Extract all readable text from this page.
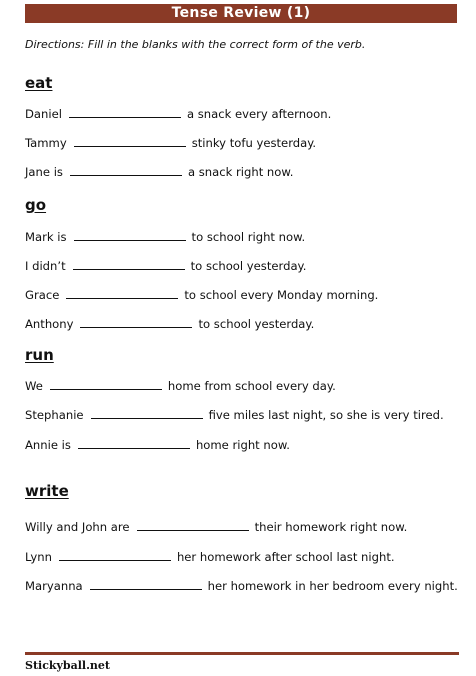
Tense Review (1)
Directions: Fill in the blanks with the correct form of the verb.
eat
Daniel	a snack every afternoon.
Tammy	stinky tofu yesterday.
Jane is	a snack right now.
go
Mark is	to school right now.
I didn’t	to school yesterday.
Grace	to school every Monday morning.
Anthony	to school yesterday.
run
We	home from school every day.
Stephanie	five miles last night, so she is very tired.
Annie is	home right now.
write
Willy and John are	their homework right now.
Lynn	her homework after school last night.
Maryanna	her homework in her bedroom every night.
Stickyball.net
